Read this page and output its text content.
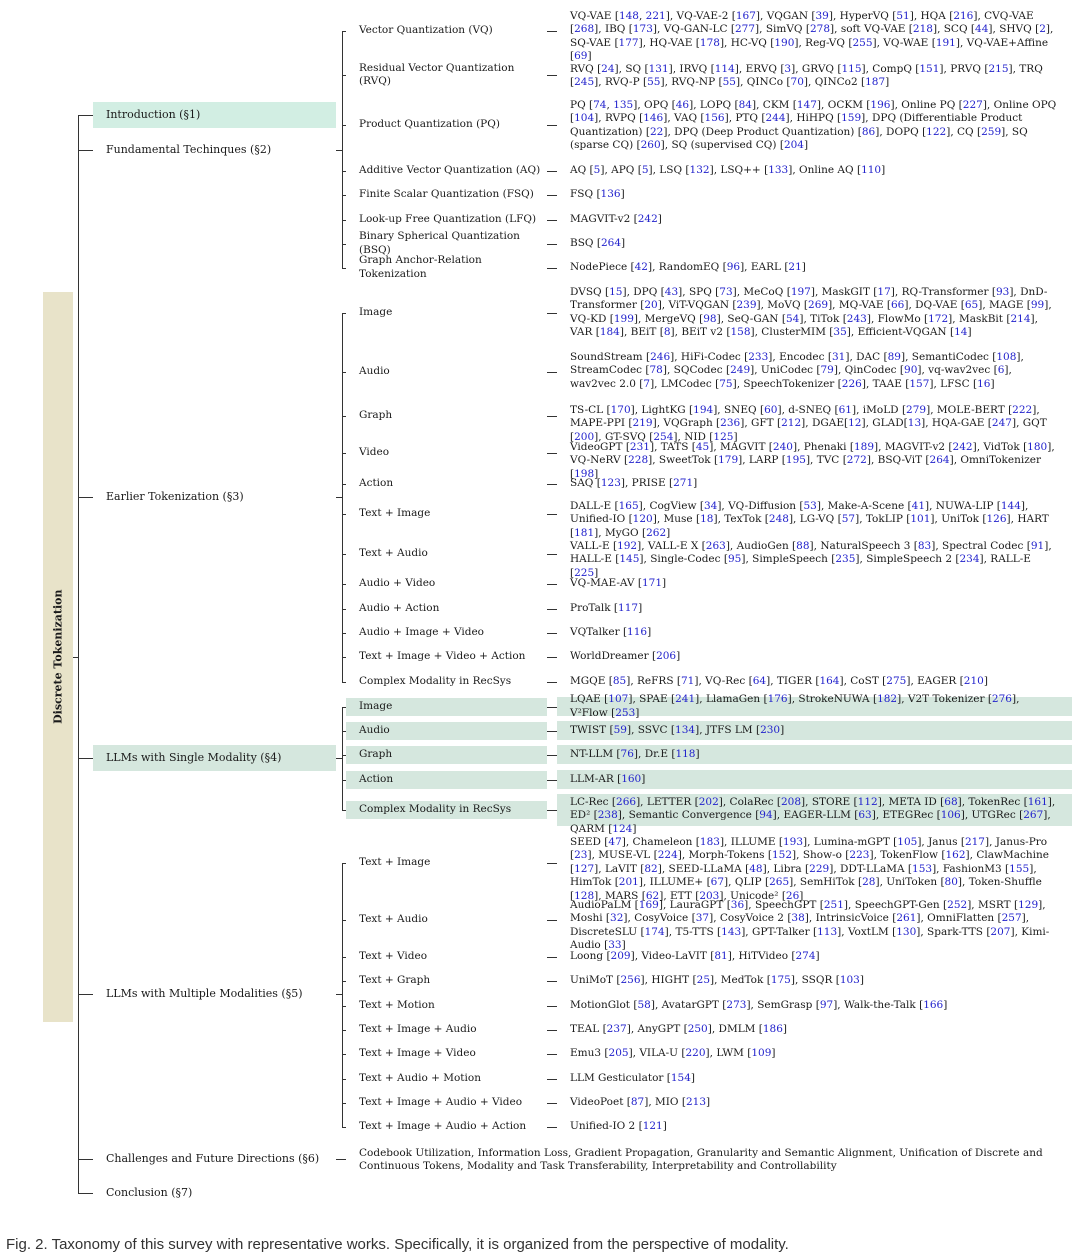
Discrete Tokenization
Introduction (§1)
Fundamental Techinques (§2)
Vector Quantization (VQ)
VQ-VAE [148, 221], VQ-VAE-2 [167], VQGAN [39], HyperVQ [51], HQA [216], CVQ-VAE [268], IBQ [173], VQ-GAN-LC [277], SimVQ [278], soft VQ-VAE [218], SCQ [44], SHVQ [2], SQ-VAE [177], HQ-VAE [178], HC-VQ [190], Reg-VQ [255], VQ-WAE [191], VQ-VAE+Affine [69]
Residual Vector Quantization (RVQ)
RVQ [24], SQ [131], IRVQ [114], ERVQ [3], GRVQ [115], CompQ [151], PRVQ [215], TRQ [245], RVQ-P [55], RVQ-NP [55], QINCo [70], QINCo2 [187]
Product Quantization (PQ)
PQ [74, 135], OPQ [46], LOPQ [84], CKM [147], OCKM [196], Online PQ [227], Online OPQ [104], RVPQ [146], VAQ [156], PTQ [244], HiHPQ [159], DPQ (Differentiable Product Quantization) [22], DPQ (Deep Product Quantization) [86], DOPQ [122], CQ [259], SQ (sparse CQ) [260], SQ (supervised CQ) [204]
Additive Vector Quantization (AQ)	AQ [5], APQ [5], LSQ [132], LSQ++ [133], Online AQ [110]
Finite Scalar Quantization (FSQ)	FSQ [136]
Look-up Free Quantization (LFQ)	MAGVIT-v2 [242]
Binary Spherical Quantization (BSQ)
BSQ [264]
Graph Anchor-Relation Tokenization
NodePiece [42], RandomEQ [96], EARL [21]
Earlier Tokenization (§3)
Image
DVSQ [15], DPQ [43], SPQ [73], MeCoQ [197], MaskGIT [17], RQ-Transformer [93], DnD-Transformer [20], ViT-VQGAN [239], MoVQ [269], MQ-VAE [66], DQ-VAE [65], MAGE [99], VQ-KD [199], MergeVQ [98], SeQ-GAN [54], TiTok [243], FlowMo [172], MaskBit [214], VAR [184], BEiT [8], BEiT v2 [158], ClusterMIM [35], Efficient-VQGAN [14]
Audio
SoundStream [246], HiFi-Codec [233], Encodec [31], DAC [89], SemantiCodec [108], StreamCodec [78], SQCodec [249], UniCodec [79], QinCodec [90], vq-wav2vec [6], wav2vec 2.0 [7], LMCodec [75], SpeechTokenizer [226], TAAE [157], LFSC [16]
Graph	TS-CL [170], LightKG [194], SNEQ [60], d-SNEQ [61], iMoLD [279], MOLE-BERT [222], MAPE-PPI [219], VQGraph [236], GFT [212], DGAE[12], GLAD[13], HQA-GAE [247], GQT [200], GT-SVQ [254], NID [125]
Video	VideoGPT [231], TATS [45], MAGVIT [240], Phenaki [189], MAGVIT-v2 [242], VidTok [180], VQ-NeRV [228], SweetTok [179], LARP [195], TVC [272], BSQ-ViT [264], OmniTokenizer [198]
Action	SAQ [123], PRISE [271]
Text + Image
DALL-E [165], CogView [34], VQ-Diffusion [53], Make-A-Scene [41], NUWA-LIP [144], Unified-IO [120], Muse [18], TexTok [248], LG-VQ [57], TokLIP [101], UniTok [126], HART [181], MyGO [262]
Text + Audio
VALL-E [192], VALL-E X [263], AudioGen [88], NaturalSpeech 3 [83], Spectral Codec [91], HALL-E [145], Single-Codec [95], SimpleSpeech [235], SimpleSpeech 2 [234], RALL-E [225]
Audio + Video	VQ-MAE-AV [171]
Audio + Action	ProTalk [117]
Audio + Image + Video	VQTalker [116]
Text + Image + Video + Action	WorldDreamer [206]
Complex Modality in RecSys	MGQE [85], ReFRS [71], VQ-Rec [64], TIGER [164], CoST [275], EAGER [210]
LLMs with Single Modality (§4)
Image
LQAE [107], SPAE [241], LlamaGen [176], StrokeNUWA [182], V2T Tokenizer [276], V²Flow [253]
Audio	TWIST [59], SSVC [134], JTFS LM [230]
Graph	NT-LLM [76], Dr.E [118]
Action	LLM-AR [160]
Complex Modality in RecSys
LC-Rec [266], LETTER [202], ColaRec [208], STORE [112], META ID [68], TokenRec [161], ED² [238], Semantic Convergence [94], EAGER-LLM [63], ETEGRec [106], UTGRec [267], QARM [124]
LLMs with Multiple Modalities (§5)
Text + Image
SEED [47], Chameleon [183], ILLUME [193], Lumina-mGPT [105], Janus [217], Janus-Pro [23], MUSE-VL [224], Morph-Tokens [152], Show-o [223], TokenFlow [162], ClawMachine [127], LaVIT [82], SEED-LLaMA [48], Libra [229], DDT-LLaMA [153], FashionM3 [155], HimTok [201], ILLUME+ [67], QLIP [265], SemHiTok [28], UniToken [80], Token-Shuffle [128], MARS [62], ETT [203], Unicode² [26]
Text + Audio
AudioPaLM [169], LauraGPT [36], SpeechGPT [251], SpeechGPT-Gen [252], MSRT [129], Moshi [32], CosyVoice [37], CosyVoice 2 [38], IntrinsicVoice [261], OmniFlatten [257], DiscreteSLU [174], T5-TTS [143], GPT-Talker [113], VoxtLM [130], Spark-TTS [207], Kimi-Audio [33]
Text + Video	Loong [209], Video-LaVIT [81], HiTVideo [274]
Text + Graph	UniMoT [256], HIGHT [25], MedTok [175], SSQR [103]
Text + Motion	MotionGlot [58], AvatarGPT [273], SemGrasp [97], Walk-the-Talk [166]
Text + Image + Audio	TEAL [237], AnyGPT [250], DMLM [186]
Text + Image + Video	Emu3 [205], VILA-U [220], LWM [109]
Text + Audio + Motion	LLM Gesticulator [154]
Text + Image + Audio + Video	VideoPoet [87], MIO [213]
Text + Image + Audio + Action	Unified-IO 2 [121]
Challenges and Future Directions (§6)	Codebook Utilization, Information Loss, Gradient Propagation, Granularity and Semantic Alignment, Unification of Discrete and Continuous Tokens, Modality and Task Transferability, Interpretability and Controllability
Conclusion (§7)
Fig. 2. Taxonomy of this survey with representative works. Specifically, it is organized from the perspective of modality.
